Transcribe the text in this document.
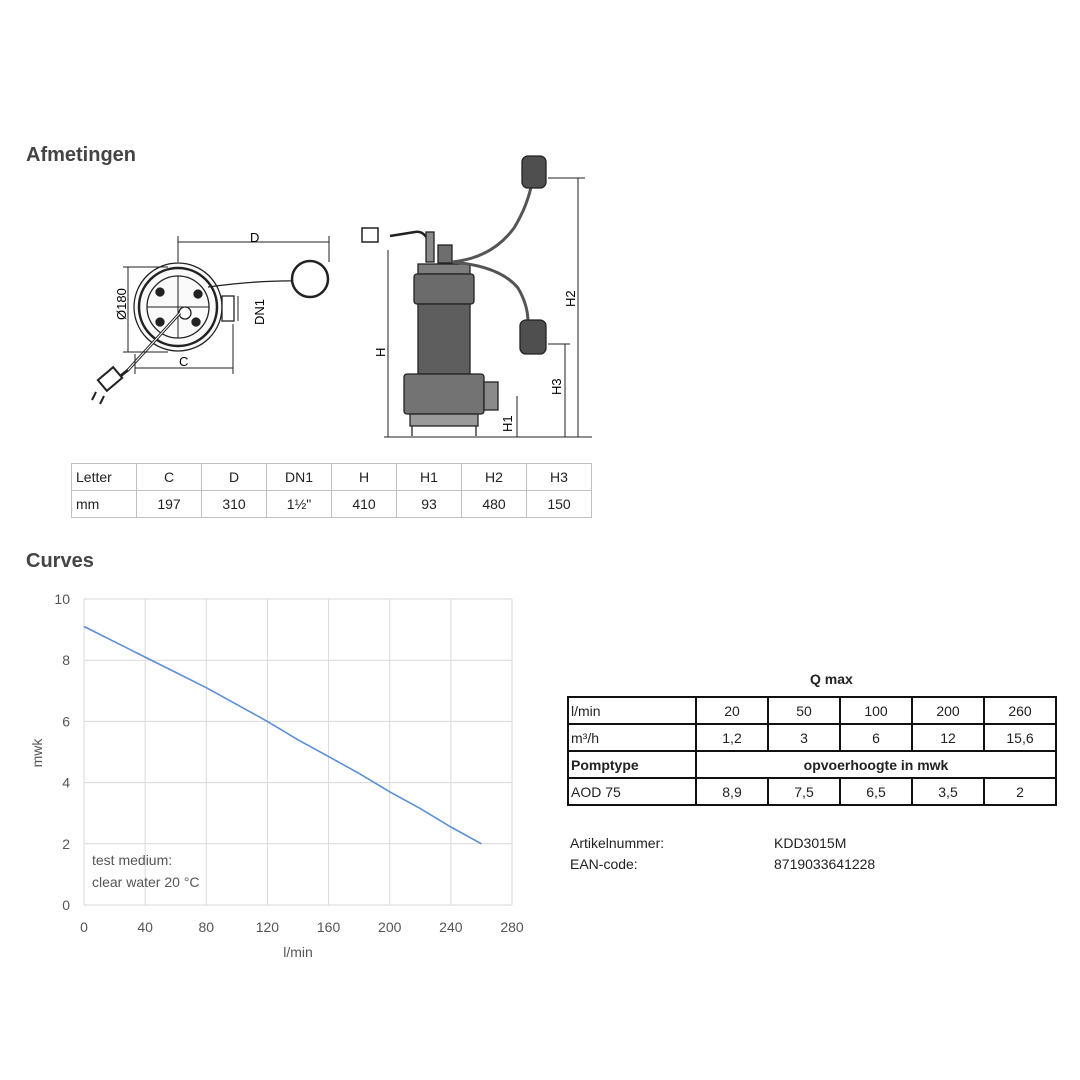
Afmetingen
D
Ø180	DN1
C
H
H1
H2
H3
Letter	C	D	DN1	H	H1	H2	H3
mm	197	310	1½"	410	93	480	150
Curves
0	40	80	120	160	200	240	280
0
2
4
6
8
10
l/min
mwk
test medium:
clear water 20 °C
Q max
l/min	20	50	100	200	260
m³/h	1,2	3	6	12	15,6
Pomptype	opvoerhoogte in mwk				
AOD 75	8,9	7,5	6,5	3,5	2
Artikelnummer:	KDD3015M
EAN-code:	8719033641228
